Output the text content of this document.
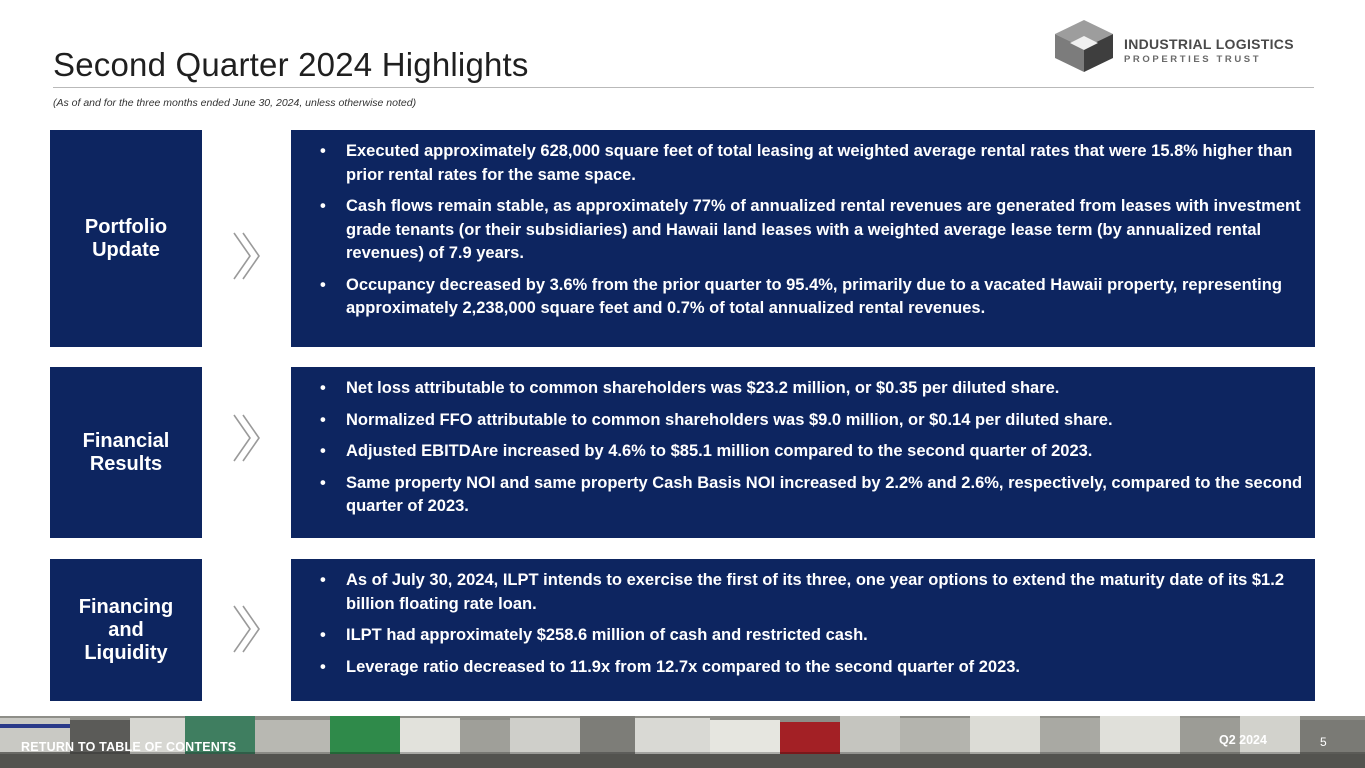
Second Quarter 2024 Highlights
(As of and for the three months ended June 30, 2024, unless otherwise noted)
INDUSTRIAL LOGISTICS
PROPERTIES TRUST
Portfolio
Update
• Executed approximately 628,000 square feet of total leasing at weighted average rental rates that were 15.8% higher than prior rental rates for the same space.
• Cash flows remain stable, as approximately 77% of annualized rental revenues are generated from leases with investment grade tenants (or their subsidiaries) and Hawaii land leases with a weighted average lease term (by annualized rental revenues) of 7.9 years.
• Occupancy decreased by 3.6% from the prior quarter to 95.4%, primarily due to a vacated Hawaii property, representing approximately 2,238,000 square feet and 0.7% of total annualized rental revenues.
Financial
Results
• Net loss attributable to common shareholders was $23.2 million, or $0.35 per diluted share.
• Normalized FFO attributable to common shareholders was $9.0 million, or $0.14 per diluted share.
• Adjusted EBITDAre increased by 4.6% to $85.1 million compared to the second quarter of 2023.
• Same property NOI and same property Cash Basis NOI increased by 2.2% and 2.6%, respectively, compared to the second quarter of 2023.
Financing
and
Liquidity
• As of July 30, 2024, ILPT intends to exercise the first of its three, one year options to extend the maturity date of its $1.2 billion floating rate loan.
• ILPT had approximately $258.6 million of cash and restricted cash.
• Leverage ratio decreased to 11.9x from 12.7x compared to the second quarter of 2023.
RETURN TO TABLE OF CONTENTS	Q2 2024	5
